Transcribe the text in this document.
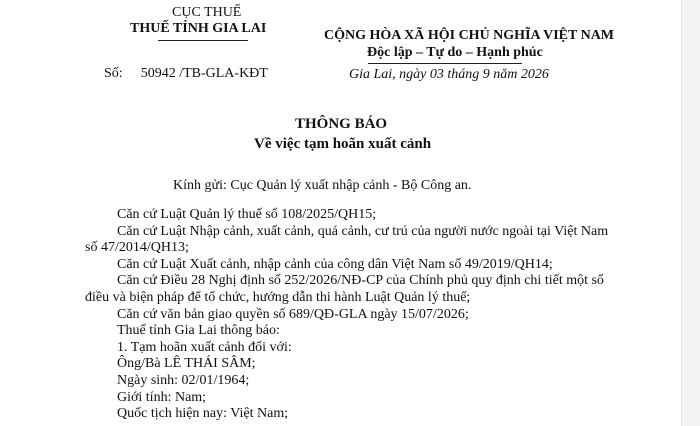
CỤC THUẾ
THUẾ TỈNH GIA LAI
Số: 50942 /TB-GLA-KĐT
CỘNG HÒA XÃ HỘI CHỦ NGHĨA VIỆT NAM
Độc lập – Tự do – Hạnh phúc
Gia Lai, ngày 03 tháng 9 năm 2026
THÔNG BÁO
Về việc tạm hoãn xuất cảnh
Kính gửi: Cục Quản lý xuất nhập cảnh - Bộ Công an.

Căn cứ Luật Quản lý thuế số 108/2025/QH15;

Căn cứ Luật Nhập cảnh, xuất cảnh, quá cảnh, cư trú của người nước ngoài tại Việt Nam số 47/2014/QH13;

Căn cứ Luật Xuất cảnh, nhập cảnh của công dân Việt Nam số 49/2019/QH14;

Căn cứ Điều 28 Nghị định số 252/2026/NĐ-CP của Chính phủ quy định chi tiết một số điều và biện pháp để tổ chức, hướng dẫn thi hành Luật Quản lý thuế;

Căn cứ văn bản giao quyền số 689/QĐ-GLA ngày 15/07/2026;

Thuế tỉnh Gia Lai thông báo:

1. Tạm hoãn xuất cảnh đối với:

Ông/Bà LÊ THÁI SÂM;

Ngày sinh: 02/01/1964;

Giới tính: Nam;

Quốc tịch hiện nay: Việt Nam;
